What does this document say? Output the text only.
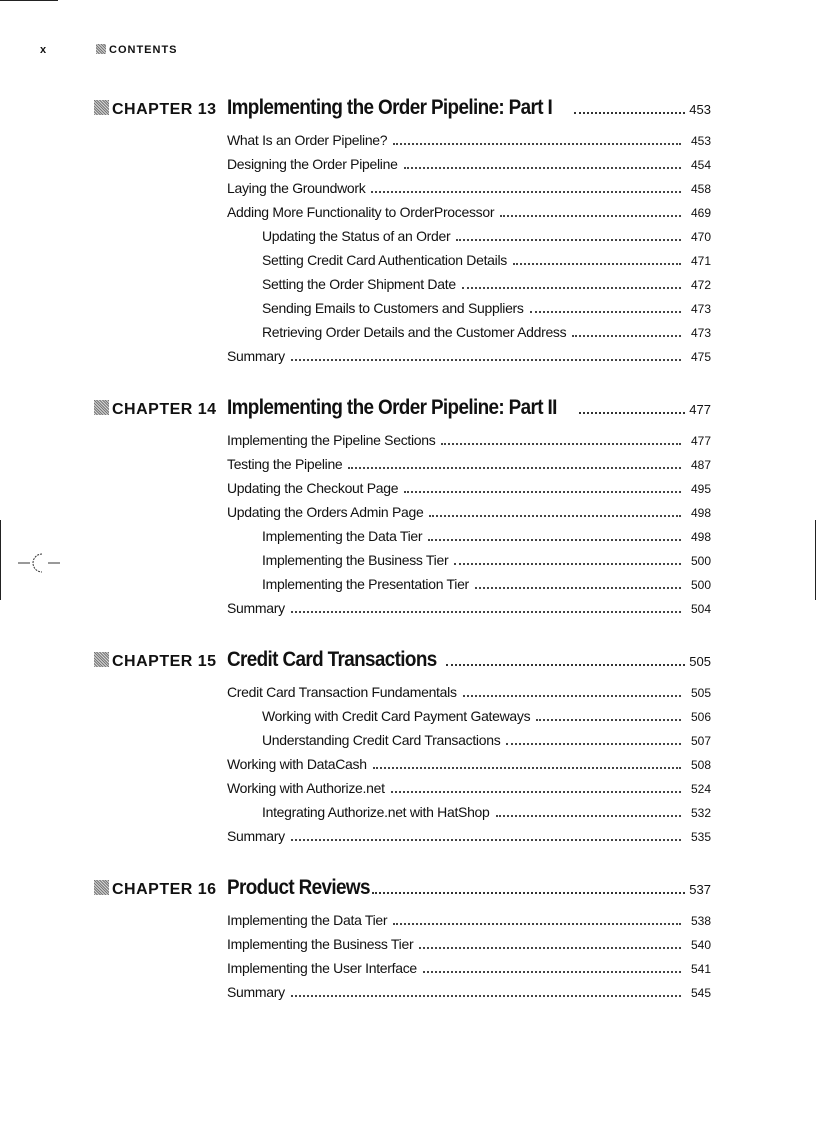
x	CONTENTS
CHAPTER 13 Implementing the Order Pipeline: Part I	453
What Is an Order Pipeline?	453
Designing the Order Pipeline	454
Laying the Groundwork	458
Adding More Functionality to OrderProcessor	469
Updating the Status of an Order	470
Setting Credit Card Authentication Details	471
Setting the Order Shipment Date	472
Sending Emails to Customers and Suppliers	473
Retrieving Order Details and the Customer Address	473
Summary	475
CHAPTER 14 Implementing the Order Pipeline: Part II	477
Implementing the Pipeline Sections	477
Testing the Pipeline	487
Updating the Checkout Page	495
Updating the Orders Admin Page	498
Implementing the Data Tier	498
Implementing the Business Tier	500
Implementing the Presentation Tier	500
Summary	504
CHAPTER 15 Credit Card Transactions	505
Credit Card Transaction Fundamentals	505
Working with Credit Card Payment Gateways	506
Understanding Credit Card Transactions	507
Working with DataCash	508
Working with Authorize.net	524
Integrating Authorize.net with HatShop	532
Summary	535
CHAPTER 16 Product Reviews	537
Implementing the Data Tier	538
Implementing the Business Tier	540
Implementing the User Interface	541
Summary	545
